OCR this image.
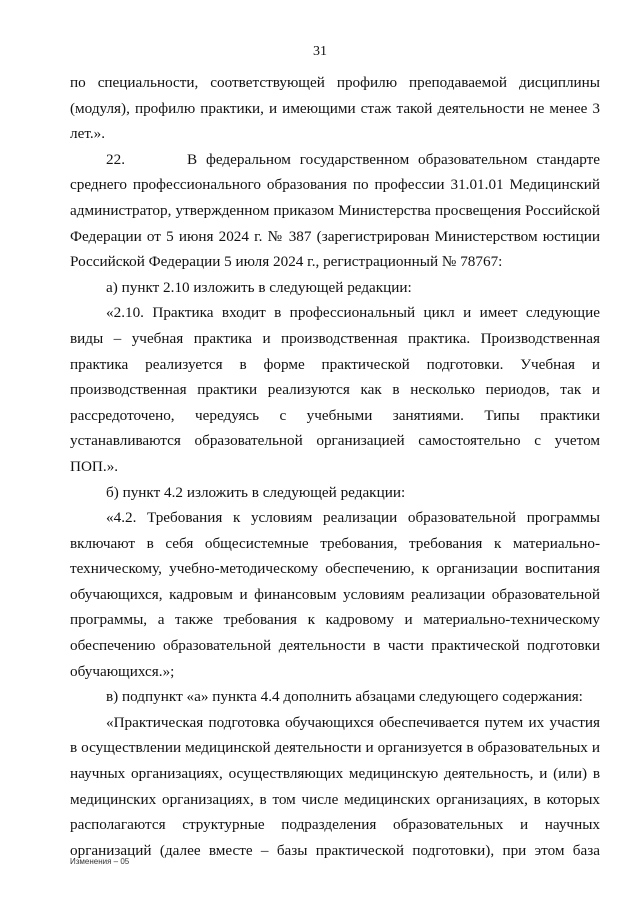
31

по специальности, соответствующей профилю преподаваемой дисциплины (модуля), профилю практики, и имеющими стаж такой деятельности не менее 3 лет.».

22.       В федеральном государственном образовательном стандарте среднего профессионального образования по профессии 31.01.01 Медицинский администратор, утвержденном приказом Министерства просвещения Российской Федерации от 5 июня 2024 г. № 387 (зарегистрирован Министерством юстиции Российской Федерации 5 июля 2024 г., регистрационный № 78767:

а) пункт 2.10 изложить в следующей редакции:

«2.10. Практика входит в профессиональный цикл и имеет следующие виды – учебная практика и производственная практика. Производственная практика реализуется в форме практической подготовки. Учебная и производственная практики реализуются как в несколько периодов, так и рассредоточено, чередуясь с учебными занятиями. Типы практики устанавливаются образовательной организацией самостоятельно с учетом ПОП.».

б) пункт 4.2 изложить в следующей редакции:

«4.2. Требования к условиям реализации образовательной программы включают в себя общесистемные требования, требования к материально-техническому, учебно-методическому обеспечению, к организации воспитания обучающихся, кадровым и финансовым условиям реализации образовательной программы, а также требования к кадровому и материально-техническому обеспечению образовательной деятельности в части практической подготовки обучающихся.»;

в) подпункт «а» пункта 4.4 дополнить абзацами следующего содержания:

«Практическая подготовка обучающихся обеспечивается путем их участия в осуществлении медицинской деятельности и организуется в образовательных и научных организациях, осуществляющих медицинскую деятельность, и (или) в медицинских организациях, в том числе медицинских организациях, в которых располагаются структурные подразделения образовательных и научных организаций (далее вместе – базы практической подготовки), при этом база

Изменения – 05
